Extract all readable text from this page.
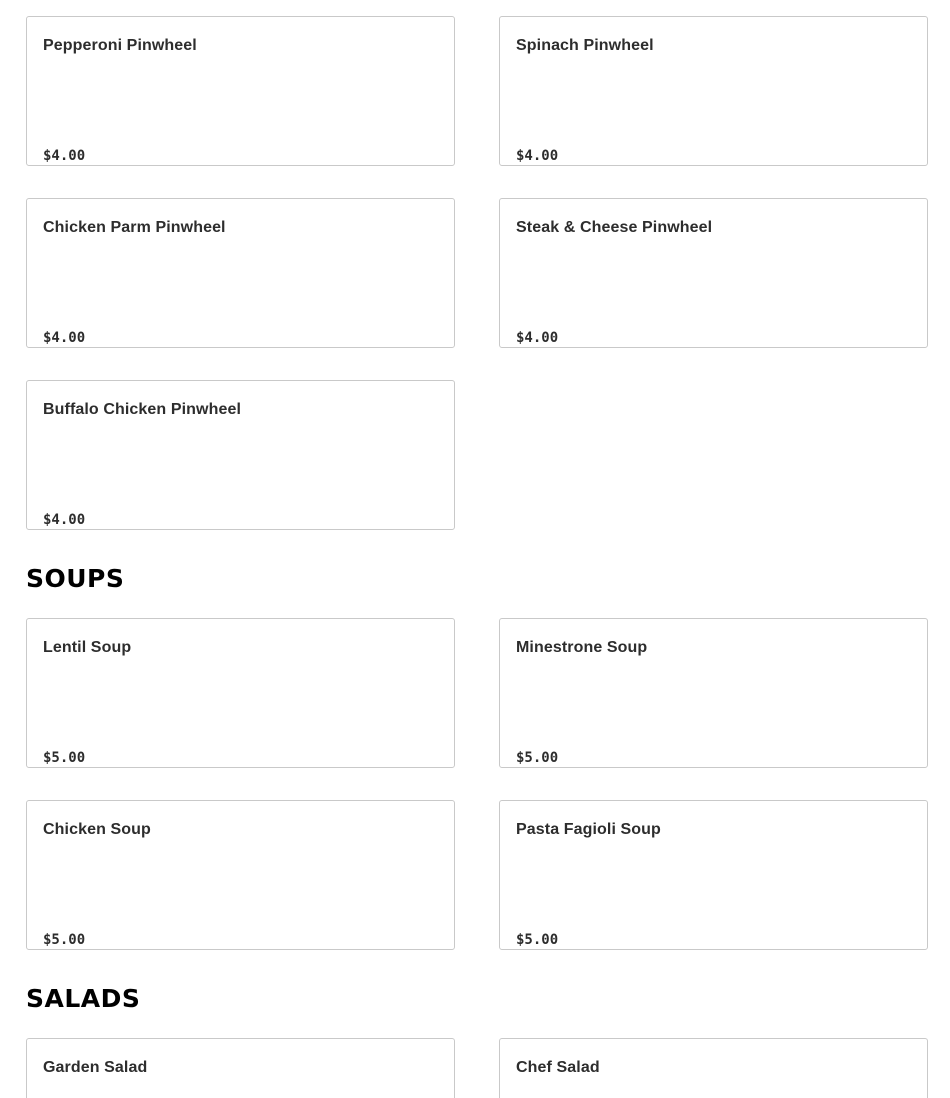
Pepperoni Pinwheel
$4.00
Spinach Pinwheel
$4.00
Chicken Parm Pinwheel
$4.00
Steak & Cheese Pinwheel
$4.00
Buffalo Chicken Pinwheel
$4.00
SOUPS
Lentil Soup
$5.00
Minestrone Soup
$5.00
Chicken Soup
$5.00
Pasta Fagioli Soup
$5.00
SALADS
Garden Salad	Chef Salad
